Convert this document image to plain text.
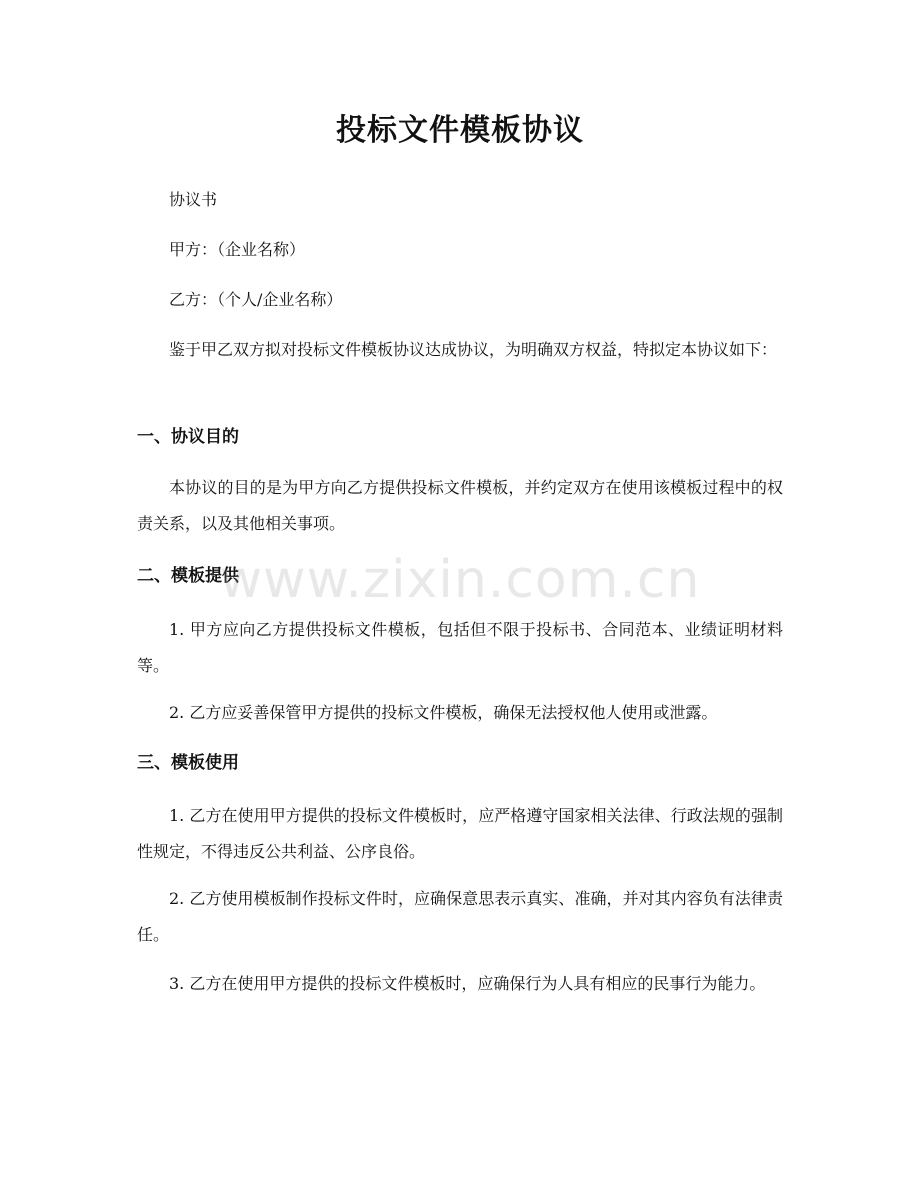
投标文件模板协议

协议书

甲方：（企业名称）

乙方：（个人/企业名称）

鉴于甲乙双方拟对投标文件模板协议达成协议，为明确双方权益，特拟定本协议如下：

一、协议目的

本协议的目的是为甲方向乙方提供投标文件模板，并约定双方在使用该模板过程中的权责关系，以及其他相关事项。

二、模板提供

1. 甲方应向乙方提供投标文件模板，包括但不限于投标书、合同范本、业绩证明材料等。

2. 乙方应妥善保管甲方提供的投标文件模板，确保无法授权他人使用或泄露。

三、模板使用

1. 乙方在使用甲方提供的投标文件模板时，应严格遵守国家相关法律、行政法规的强制性规定，不得违反公共利益、公序良俗。

2. 乙方使用模板制作投标文件时，应确保意思表示真实、准确，并对其内容负有法律责任。

3. 乙方在使用甲方提供的投标文件模板时，应确保行为人具有相应的民事行为能力。

www.zixin.com.cn
